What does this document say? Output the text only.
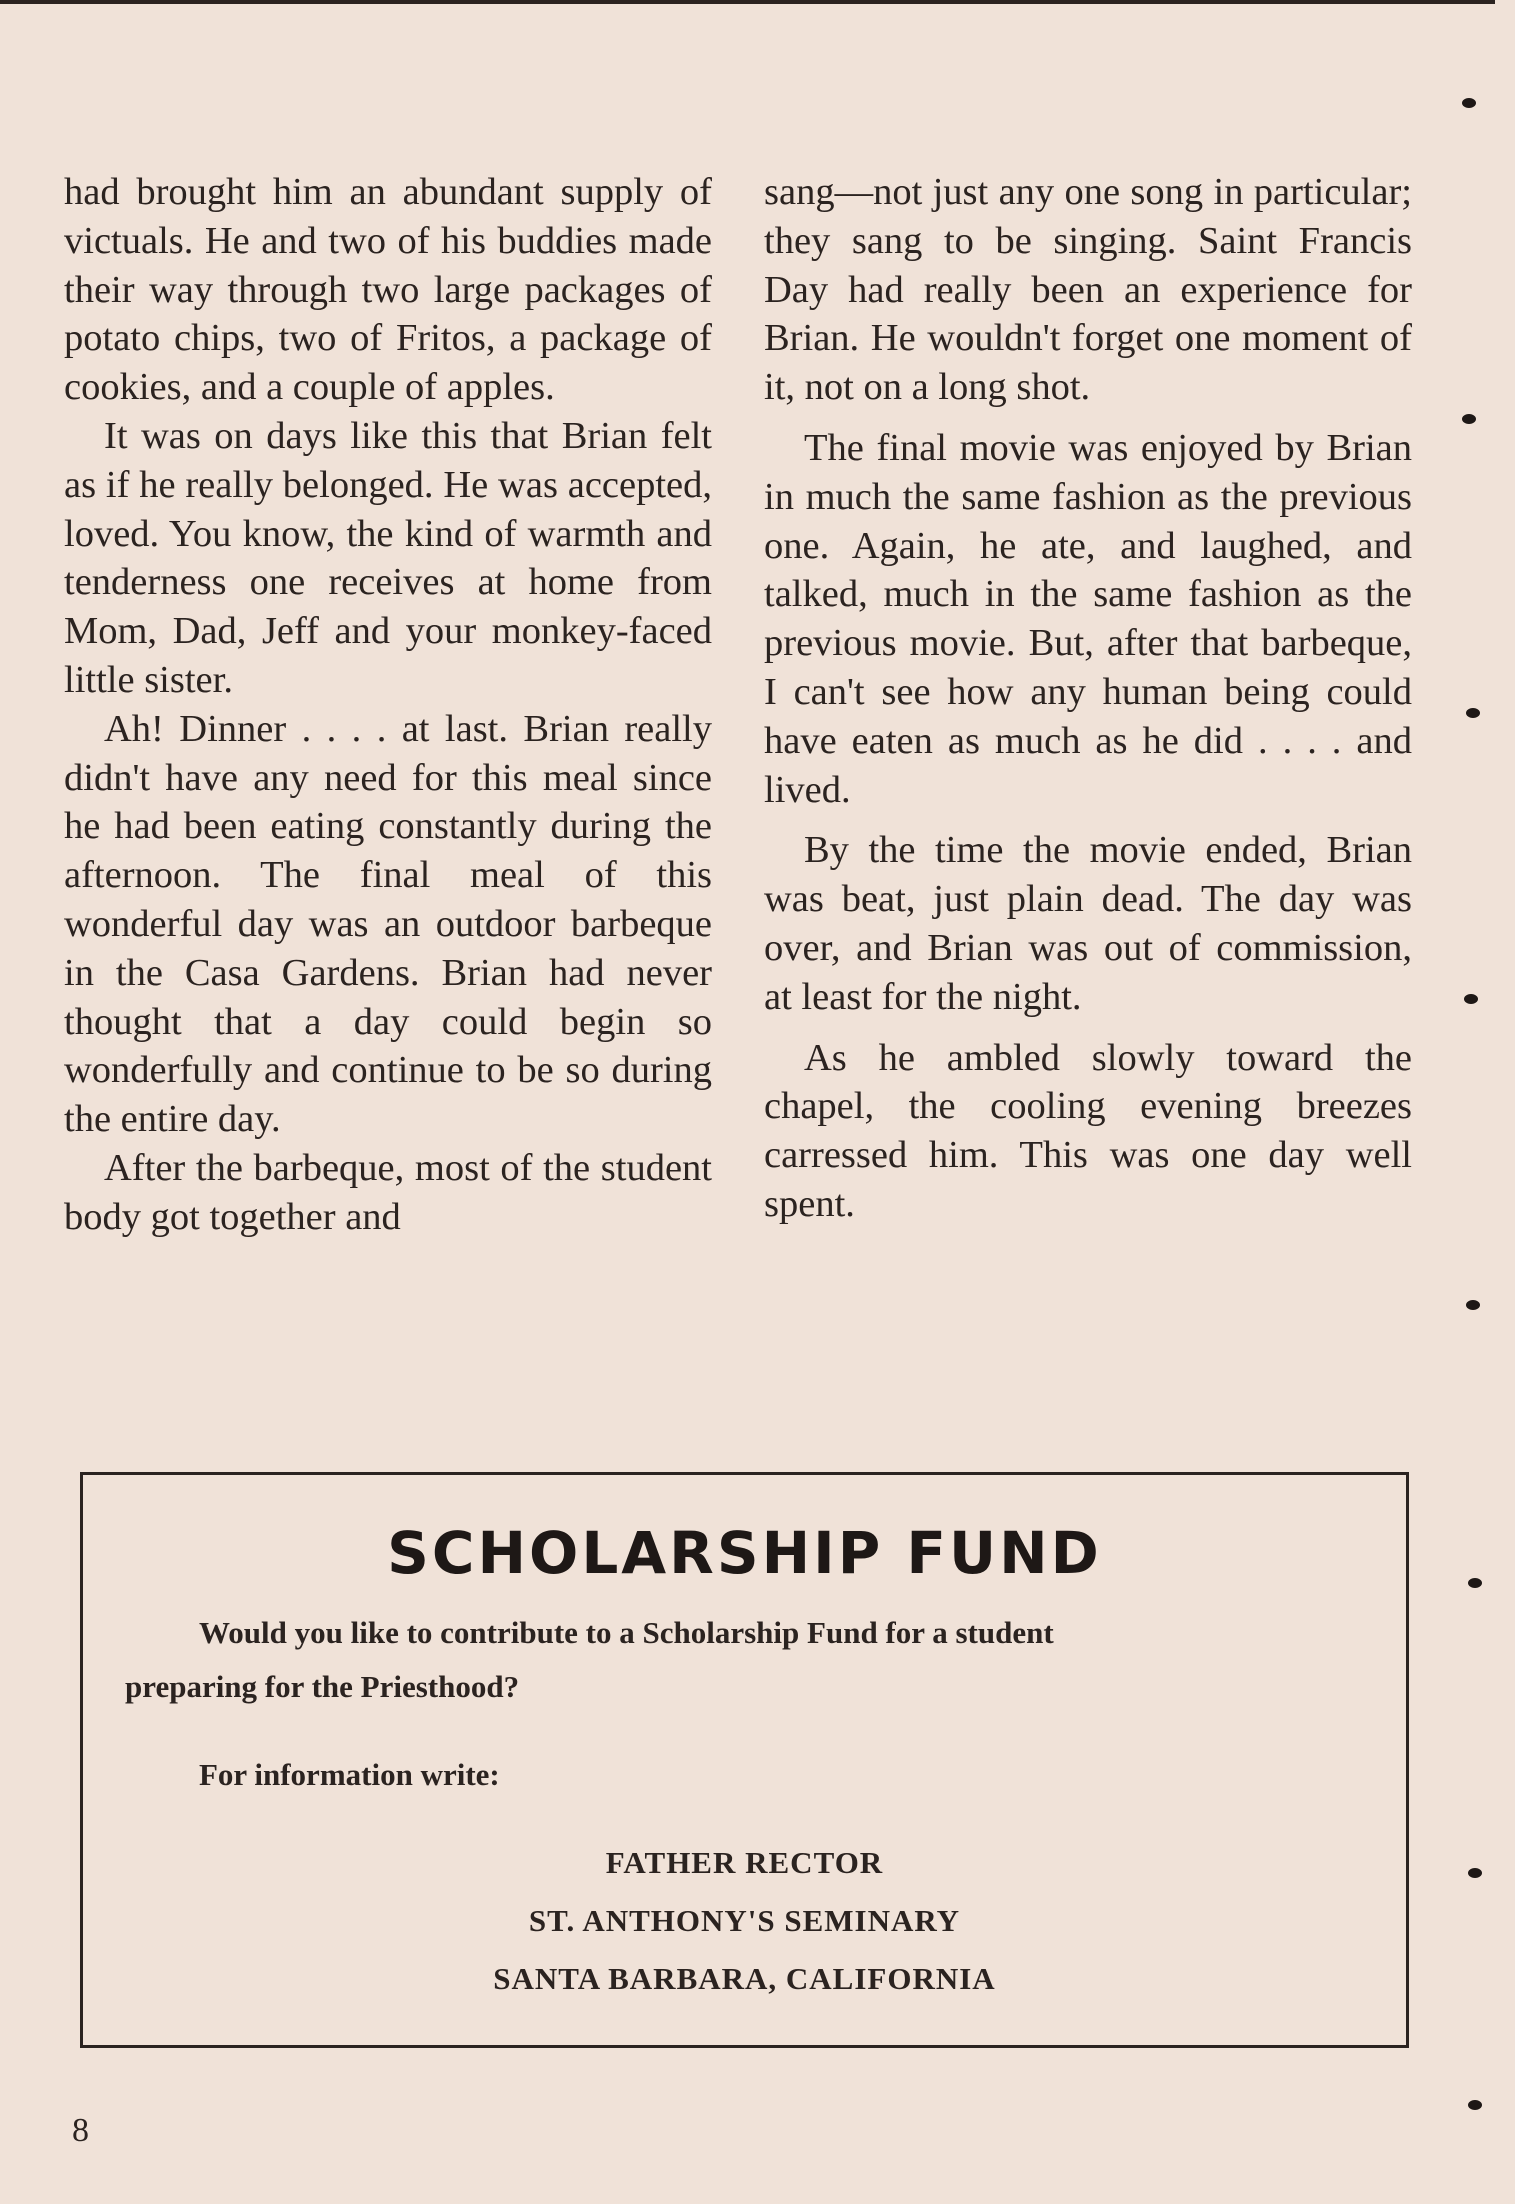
had brought him an abundant supply of victuals. He and two of his buddies made their way through two large packages of potato chips, two of Fritos, a package of cookies, and a couple of apples.

It was on days like this that Brian felt as if he really belonged. He was accepted, loved. You know, the kind of warmth and tenderness one receives at home from Mom, Dad, Jeff and your monkey-faced little sister.

Ah! Dinner . . . . at last. Brian really didn't have any need for this meal since he had been eating constantly during the afternoon. The final meal of this wonderful day was an outdoor barbeque in the Casa Gardens. Brian had never thought that a day could begin so wonderfully and continue to be so during the entire day.

After the barbeque, most of the student body got together and

sang—not just any one song in particular; they sang to be singing. Saint Francis Day had really been an experience for Brian. He wouldn't forget one moment of it, not on a long shot.

The final movie was enjoyed by Brian in much the same fashion as the previous one. Again, he ate, and laughed, and talked, much in the same fashion as the previous movie. But, after that barbeque, I can't see how any human being could have eaten as much as he did . . . . and lived.

By the time the movie ended, Brian was beat, just plain dead. The day was over, and Brian was out of commission, at least for the night.

As he ambled slowly toward the chapel, the cooling evening breezes carressed him. This was one day well spent.

SCHOLARSHIP FUND
Would you like to contribute to a Scholarship Fund for a student
preparing for the Priesthood?
For information write:
FATHER RECTOR
ST. ANTHONY'S SEMINARY
SANTA BARBARA, CALIFORNIA
8
